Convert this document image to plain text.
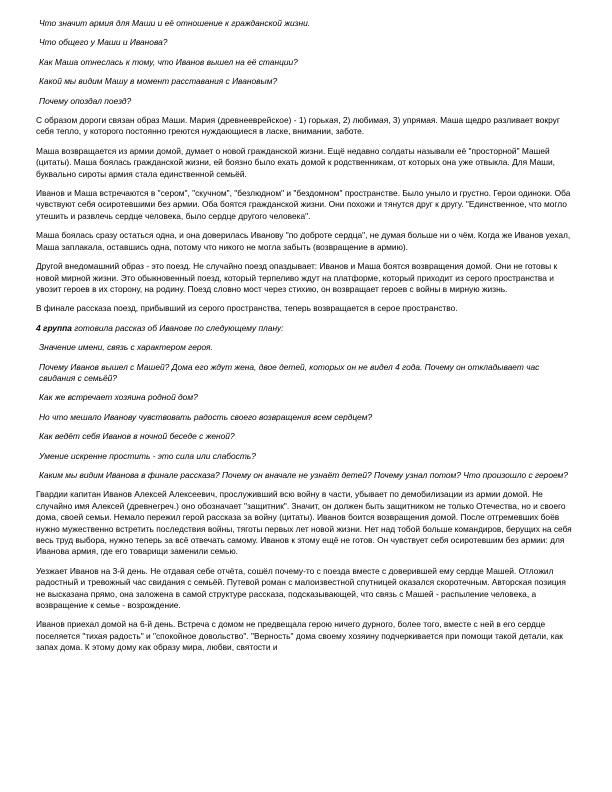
Что значит армия для Маши и её отношение к гражданской жизни.

Что общего у Маши и Иванова?

Как Маша отнеслась к тому, что Иванов вышел на её станции?

Какой мы видим Машу в момент расставания с Ивановым?

Почему опоздал поезд?

С образом дороги связан образ Маши. Мария (древнееврейское) - 1) горькая, 2) любимая, 3) упрямая. Маша щедро разливает вокруг себя тепло, у которого постоянно греются нуждающиеся в ласке, внимании, заботе.

Маша возвращается из армии домой, думает о новой гражданской жизни. Ещё недавно солдаты называли её "просторной" Машей (цитаты). Маша боялась гражданской жизни, ей боязно было ехать домой к родственникам, от которых она уже отвыкла. Для Маши, буквально сироты армия стала единственной семьёй.

Иванов и Маша встречаются в "сером", "скучном", "безлюдном" и "бездомном" пространстве. Было уныло и грустно. Герои одиноки. Оба чувствуют себя осиротевшими без армии. Оба боятся гражданской жизни. Они похожи и тянутся друг к другу. "Единственное, что могло утешить и развлечь сердце человека, было сердце другого человека".

Маша боялась сразу остаться одна, и она доверилась Иванову "по доброте сердца", не думая больше ни о чём. Когда же Иванов уехал, Маша заплакала, оставшись одна, потому что никого не могла забыть (возвращение в армию).

Другой внедомашний образ - это поезд. Не случайно поезд опаздывает: Иванов и Маша боятся возвращения домой. Они не готовы к новой мирной жизни. Это обыкновенный поезд, который терпеливо ждут на платформе, который приходит из серого пространства и увозит героев в их сторону, на родину. Поезд словно мост через стихию, он возвращает героев с войны в мирную жизнь.

В финале рассказа поезд, прибывший из серого пространства, теперь возвращается в серое пространство.

4 группа готовила рассказ об Иванове по следующему плану:

Значение имени, связь с характером героя.

Почему Иванов вышел с Машей? Дома его ждут жена, двое детей, которых он не видел 4 года. Почему он откладывает час свидания с семьёй?

Как же встречает хозяина родной дом?

Но что мешало Иванову чувствовать радость своего возвращения всем сердцем?

Как ведёт себя Иванов в ночной беседе с женой?

Умение искренне простить - это сила или слабость?

Каким мы видим Иванова в финале рассказа? Почему он вначале не узнаёт детей? Почему узнал потом? Что произошло с героем?

Гвардии капитан Иванов Алексей Алексеевич, прослуживший всю войну в части, убывает по демобилизации из армии домой. Не случайно имя Алексей (древнегреч.) оно обозначает "защитник". Значит, он должен быть защитником не только Отечества, но и своего дома, своей семьи. Немало пережил герой рассказа за войну (цитаты). Иванов боится возвращения домой. После отгремевших боёв нужно мужественно встретить последствия войны, тяготы первых лет новой жизни. Нет над тобой больше командиров, берущих на себя весь труд выбора, нужно теперь за всё отвечать самому. Иванов к этому ещё не готов. Он чувствует себя осиротевшим без армии: для Иванова армия, где его товарищи заменили семью.

Уезжает Иванов на 3-й день. Не отдавая себе отчёта, сошёл почему-то с поезда вместе с доверившей ему сердце Машей. Отложил радостный и тревожный час свидания с семьёй. Путевой роман с малоизвестной спутницей оказался скоротечным. Авторская позиция не высказана прямо, она заложена в самой структуре рассказа, подсказывающей, что связь с Машей - распыление человека, а возвращение к семье - возрождение.

Иванов приехал домой на 6-й день. Встреча с домом не предвещала герою ничего дурного, более того, вместе с ней в его сердце поселяется "тихая радость" и "спокойное довольство". "Верность" дома своему хозяину подчеркивается при помощи такой детали, как запах дома. К этому дому как образу мира, любви, святости и
